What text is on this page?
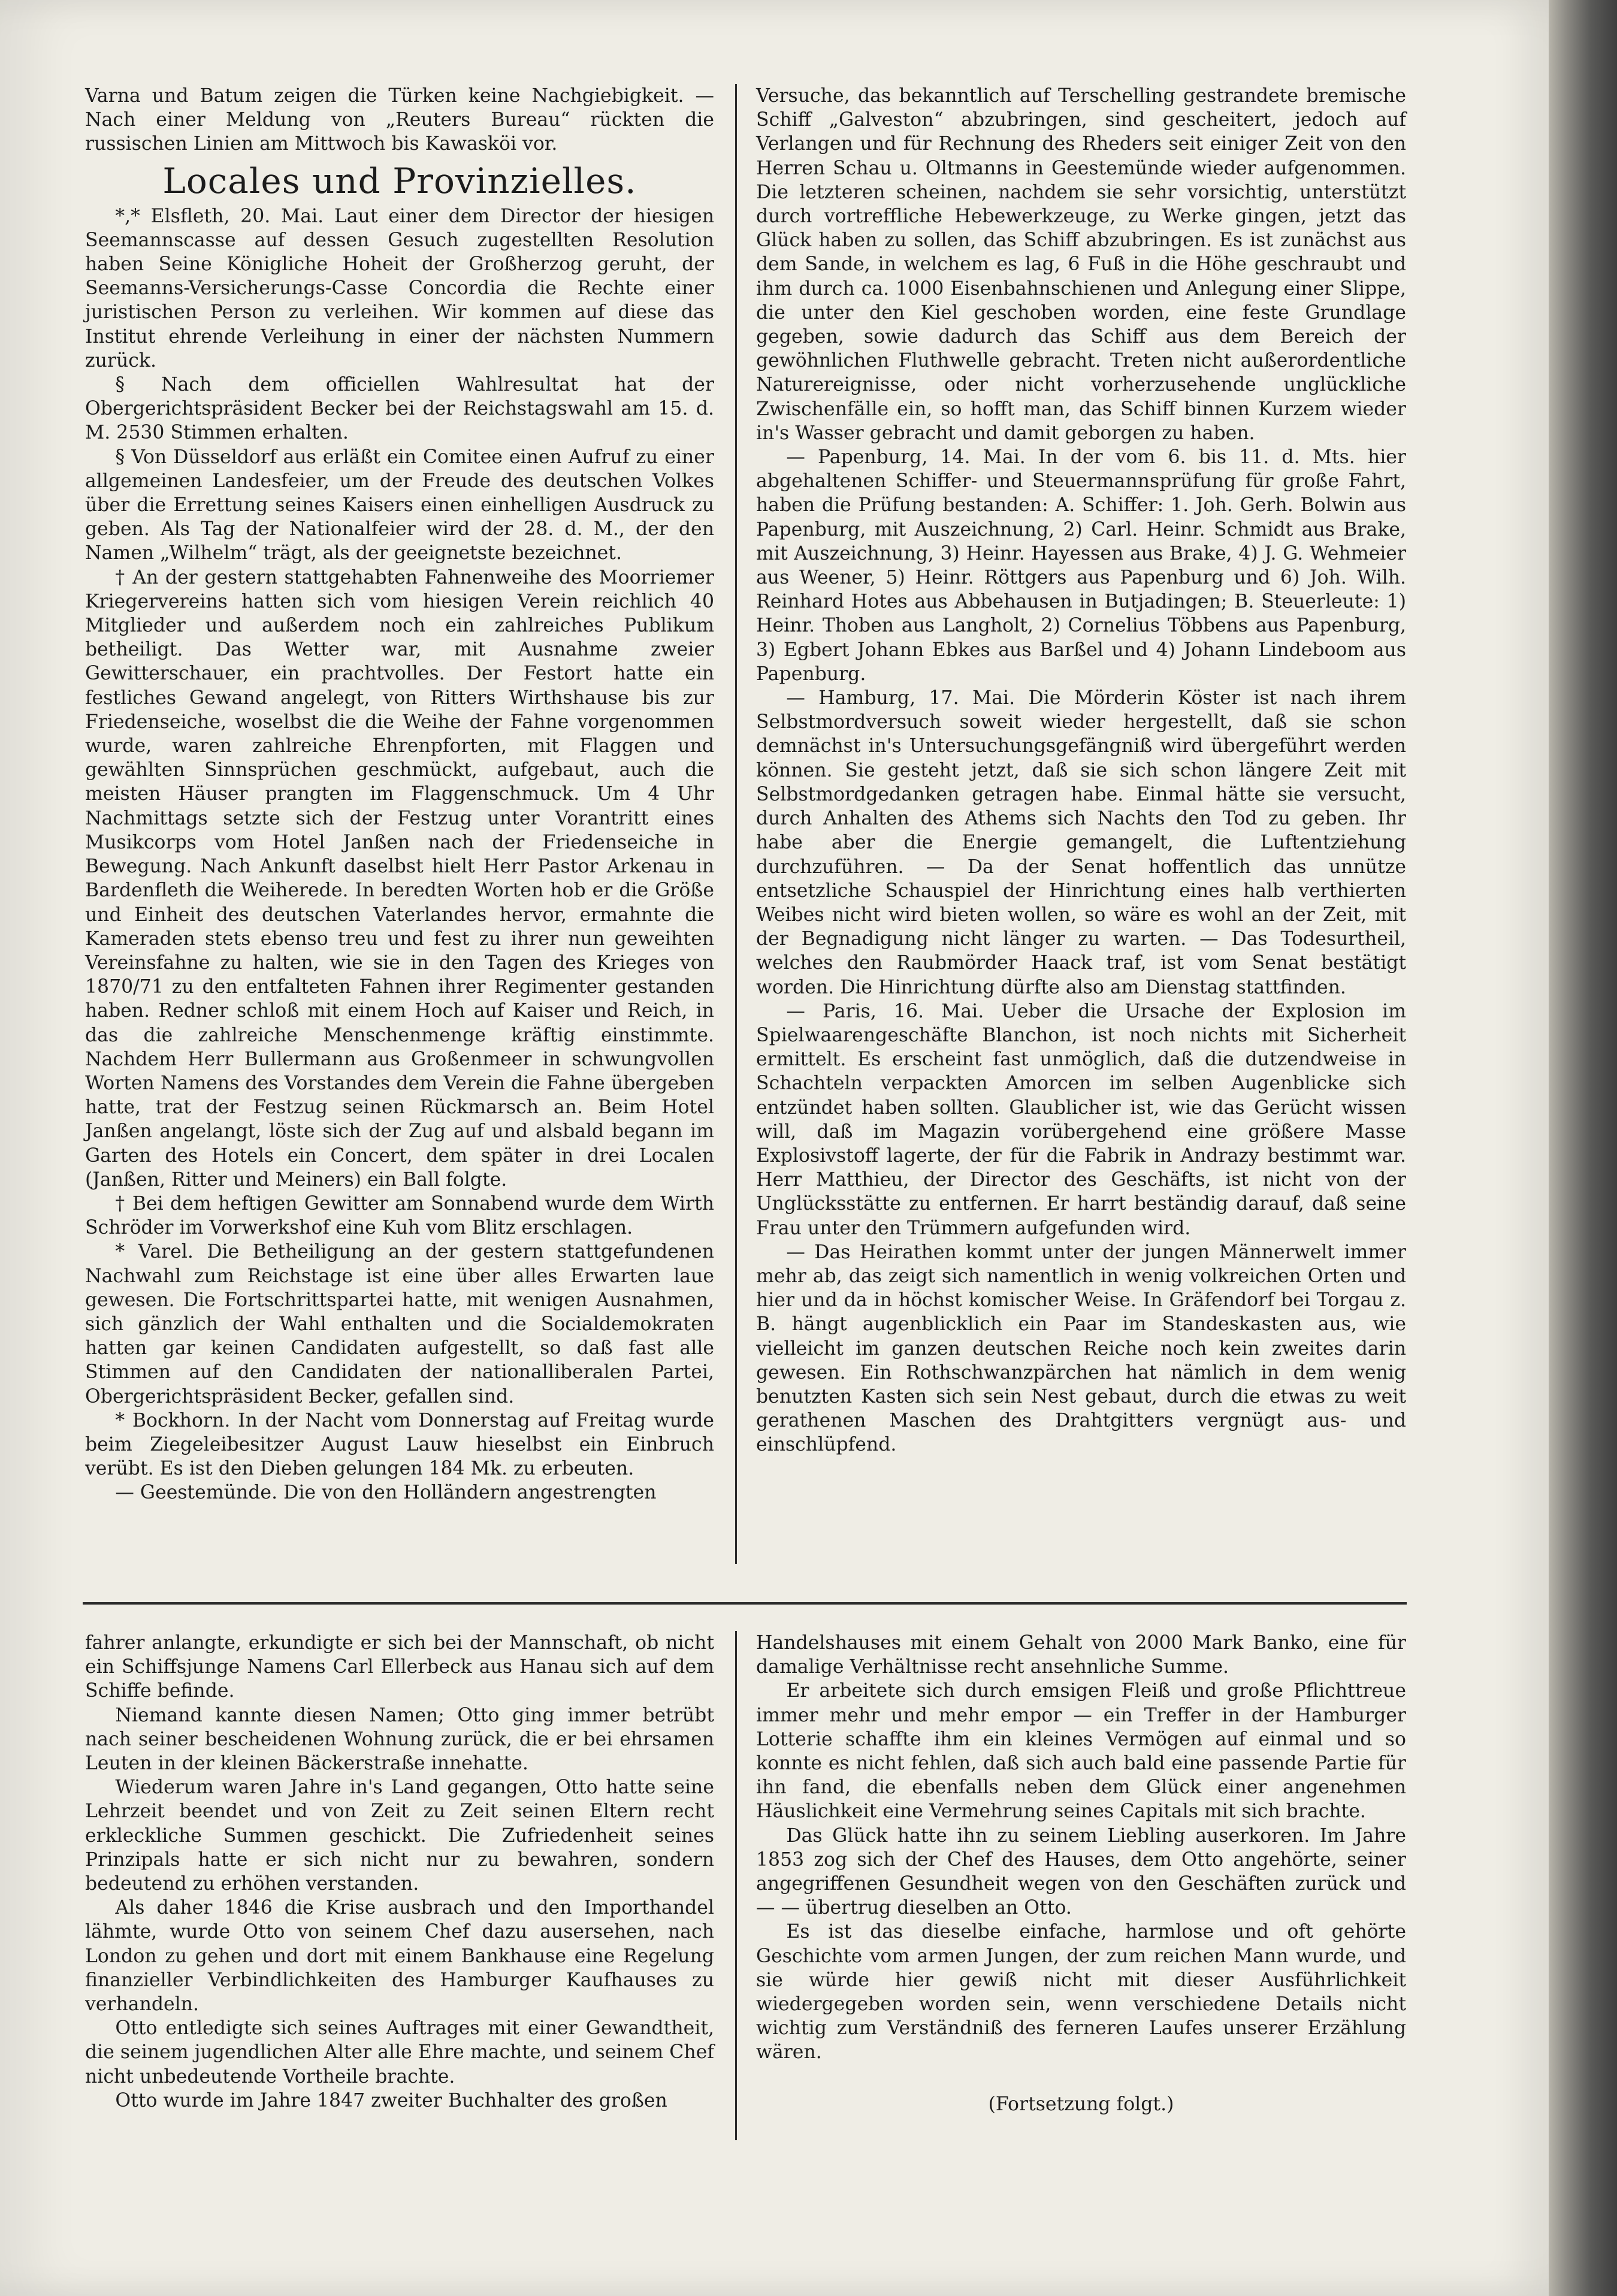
Varna und Batum zeigen die Türken keine Nachgiebigkeit. — Nach einer Meldung von „Reuters Bureau“ rückten die russischen Linien am Mittwoch bis Kawasköi vor.

Locales und Provinzielles.

*,* Elsfleth, 20. Mai. Laut einer dem Director der hiesigen Seemannscasse auf dessen Gesuch zugestellten Resolution haben Seine Königliche Hoheit der Großherzog geruht, der Seemanns-Versicherungs-Casse Concordia die Rechte einer juristischen Person zu verleihen. Wir kommen auf diese das Institut ehrende Verleihung in einer der nächsten Nummern zurück.

§ Nach dem officiellen Wahlresultat hat der Obergerichtspräsident Becker bei der Reichstagswahl am 15. d. M. 2530 Stimmen erhalten.

§ Von Düsseldorf aus erläßt ein Comitee einen Aufruf zu einer allgemeinen Landesfeier, um der Freude des deutschen Volkes über die Errettung seines Kaisers einen einhelligen Ausdruck zu geben. Als Tag der Nationalfeier wird der 28. d. M., der den Namen „Wilhelm“ trägt, als der geeignetste bezeichnet.

† An der gestern stattgehabten Fahnenweihe des Moorriemer Kriegervereins hatten sich vom hiesigen Verein reichlich 40 Mitglieder und außerdem noch ein zahlreiches Publikum betheiligt. Das Wetter war, mit Ausnahme zweier Gewitterschauer, ein prachtvolles. Der Festort hatte ein festliches Gewand angelegt, von Ritters Wirthshause bis zur Friedenseiche, woselbst die die Weihe der Fahne vorgenommen wurde, waren zahlreiche Ehrenpforten, mit Flaggen und gewählten Sinnsprüchen geschmückt, aufgebaut, auch die meisten Häuser prangten im Flaggenschmuck. Um 4 Uhr Nachmittags setzte sich der Festzug unter Vorantritt eines Musikcorps vom Hotel Janßen nach der Friedenseiche in Bewegung. Nach Ankunft daselbst hielt Herr Pastor Arkenau in Bardenfleth die Weiherede. In beredten Worten hob er die Größe und Einheit des deutschen Vaterlandes hervor, ermahnte die Kameraden stets ebenso treu und fest zu ihrer nun geweihten Vereinsfahne zu halten, wie sie in den Tagen des Krieges von 1870/71 zu den entfalteten Fahnen ihrer Regimenter gestanden haben. Redner schloß mit einem Hoch auf Kaiser und Reich, in das die zahlreiche Menschenmenge kräftig einstimmte. Nachdem Herr Bullermann aus Großenmeer in schwungvollen Worten Namens des Vorstandes dem Verein die Fahne übergeben hatte, trat der Festzug seinen Rückmarsch an. Beim Hotel Janßen angelangt, löste sich der Zug auf und alsbald begann im Garten des Hotels ein Concert, dem später in drei Localen (Janßen, Ritter und Meiners) ein Ball folgte.

† Bei dem heftigen Gewitter am Sonnabend wurde dem Wirth Schröder im Vorwerkshof eine Kuh vom Blitz erschlagen.

* Varel. Die Betheiligung an der gestern stattgefundenen Nachwahl zum Reichstage ist eine über alles Erwarten laue gewesen. Die Fortschrittspartei hatte, mit wenigen Ausnahmen, sich gänzlich der Wahl enthalten und die Socialdemokraten hatten gar keinen Candidaten aufgestellt, so daß fast alle Stimmen auf den Candidaten der nationalliberalen Partei, Obergerichtspräsident Becker, gefallen sind.

* Bockhorn. In der Nacht vom Donnerstag auf Freitag wurde beim Ziegeleibesitzer August Lauw hieselbst ein Einbruch verübt. Es ist den Dieben gelungen 184 Mk. zu erbeuten.

— Geestemünde. Die von den Holländern angestrengten

Versuche, das bekanntlich auf Terschelling gestrandete bremische Schiff „Galveston“ abzubringen, sind gescheitert, jedoch auf Verlangen und für Rechnung des Rheders seit einiger Zeit von den Herren Schau u. Oltmanns in Geestemünde wieder aufgenommen. Die letzteren scheinen, nachdem sie sehr vorsichtig, unterstützt durch vortreffliche Hebewerkzeuge, zu Werke gingen, jetzt das Glück haben zu sollen, das Schiff abzubringen. Es ist zunächst aus dem Sande, in welchem es lag, 6 Fuß in die Höhe geschraubt und ihm durch ca. 1000 Eisenbahnschienen und Anlegung einer Slippe, die unter den Kiel geschoben worden, eine feste Grundlage gegeben, sowie dadurch das Schiff aus dem Bereich der gewöhnlichen Fluthwelle gebracht. Treten nicht außerordentliche Naturereignisse, oder nicht vorherzusehende unglückliche Zwischenfälle ein, so hofft man, das Schiff binnen Kurzem wieder in's Wasser gebracht und damit geborgen zu haben.

— Papenburg, 14. Mai. In der vom 6. bis 11. d. Mts. hier abgehaltenen Schiffer- und Steuermannsprüfung für große Fahrt, haben die Prüfung bestanden: A. Schiffer: 1. Joh. Gerh. Bolwin aus Papenburg, mit Auszeichnung, 2) Carl. Heinr. Schmidt aus Brake, mit Auszeichnung, 3) Heinr. Hayessen aus Brake, 4) J. G. Wehmeier aus Weener, 5) Heinr. Röttgers aus Papenburg und 6) Joh. Wilh. Reinhard Hotes aus Abbehausen in Butjadingen; B. Steuerleute: 1) Heinr. Thoben aus Langholt, 2) Cornelius Többens aus Papenburg, 3) Egbert Johann Ebkes aus Barßel und 4) Johann Lindeboom aus Papenburg.

— Hamburg, 17. Mai. Die Mörderin Köster ist nach ihrem Selbstmordversuch soweit wieder hergestellt, daß sie schon demnächst in's Untersuchungsgefängniß wird übergeführt werden können. Sie gesteht jetzt, daß sie sich schon längere Zeit mit Selbstmordgedanken getragen habe. Einmal hätte sie versucht, durch Anhalten des Athems sich Nachts den Tod zu geben. Ihr habe aber die Energie gemangelt, die Luftentziehung durchzuführen. — Da der Senat hoffentlich das unnütze entsetzliche Schauspiel der Hinrichtung eines halb verthierten Weibes nicht wird bieten wollen, so wäre es wohl an der Zeit, mit der Begnadigung nicht länger zu warten. — Das Todesurtheil, welches den Raubmörder Haack traf, ist vom Senat bestätigt worden. Die Hinrichtung dürfte also am Dienstag stattfinden.

— Paris, 16. Mai. Ueber die Ursache der Explosion im Spielwaarengeschäfte Blanchon, ist noch nichts mit Sicherheit ermittelt. Es erscheint fast unmöglich, daß die dutzendweise in Schachteln verpackten Amorcen im selben Augenblicke sich entzündet haben sollten. Glaublicher ist, wie das Gerücht wissen will, daß im Magazin vorübergehend eine größere Masse Explosivstoff lagerte, der für die Fabrik in Andrazy bestimmt war. Herr Matthieu, der Director des Geschäfts, ist nicht von der Unglücksstätte zu entfernen. Er harrt beständig darauf, daß seine Frau unter den Trümmern aufgefunden wird.

— Das Heirathen kommt unter der jungen Männerwelt immer mehr ab, das zeigt sich namentlich in wenig volkreichen Orten und hier und da in höchst komischer Weise. In Gräfendorf bei Torgau z. B. hängt augenblicklich ein Paar im Standeskasten aus, wie vielleicht im ganzen deutschen Reiche noch kein zweites darin gewesen. Ein Rothschwanzpärchen hat nämlich in dem wenig benutzten Kasten sich sein Nest gebaut, durch die etwas zu weit gerathenen Maschen des Drahtgitters vergnügt aus- und einschlüpfend.

fahrer anlangte, erkundigte er sich bei der Mannschaft, ob nicht ein Schiffsjunge Namens Carl Ellerbeck aus Hanau sich auf dem Schiffe befinde.

Niemand kannte diesen Namen; Otto ging immer betrübt nach seiner bescheidenen Wohnung zurück, die er bei ehrsamen Leuten in der kleinen Bäckerstraße innehatte.

Wiederum waren Jahre in's Land gegangen, Otto hatte seine Lehrzeit beendet und von Zeit zu Zeit seinen Eltern recht erkleckliche Summen geschickt. Die Zufriedenheit seines Prinzipals hatte er sich nicht nur zu bewahren, sondern bedeutend zu erhöhen verstanden.

Als daher 1846 die Krise ausbrach und den Importhandel lähmte, wurde Otto von seinem Chef dazu ausersehen, nach London zu gehen und dort mit einem Bankhause eine Regelung finanzieller Verbindlichkeiten des Hamburger Kaufhauses zu verhandeln.

Otto entledigte sich seines Auftrages mit einer Gewandtheit, die seinem jugendlichen Alter alle Ehre machte, und seinem Chef nicht unbedeutende Vortheile brachte.

Otto wurde im Jahre 1847 zweiter Buchhalter des großen

Handelshauses mit einem Gehalt von 2000 Mark Banko, eine für damalige Verhältnisse recht ansehnliche Summe.

Er arbeitete sich durch emsigen Fleiß und große Pflichttreue immer mehr und mehr empor — ein Treffer in der Hamburger Lotterie schaffte ihm ein kleines Vermögen auf einmal und so konnte es nicht fehlen, daß sich auch bald eine passende Partie für ihn fand, die ebenfalls neben dem Glück einer angenehmen Häuslichkeit eine Vermehrung seines Capitals mit sich brachte.

Das Glück hatte ihn zu seinem Liebling auserkoren. Im Jahre 1853 zog sich der Chef des Hauses, dem Otto angehörte, seiner angegriffenen Gesundheit wegen von den Geschäften zurück und — — übertrug dieselben an Otto.

Es ist das dieselbe einfache, harmlose und oft gehörte Geschichte vom armen Jungen, der zum reichen Mann wurde, und sie würde hier gewiß nicht mit dieser Ausführlichkeit wiedergegeben worden sein, wenn verschiedene Details nicht wichtig zum Verständniß des ferneren Laufes unserer Erzählung wären.

(Fortsetzung folgt.)
